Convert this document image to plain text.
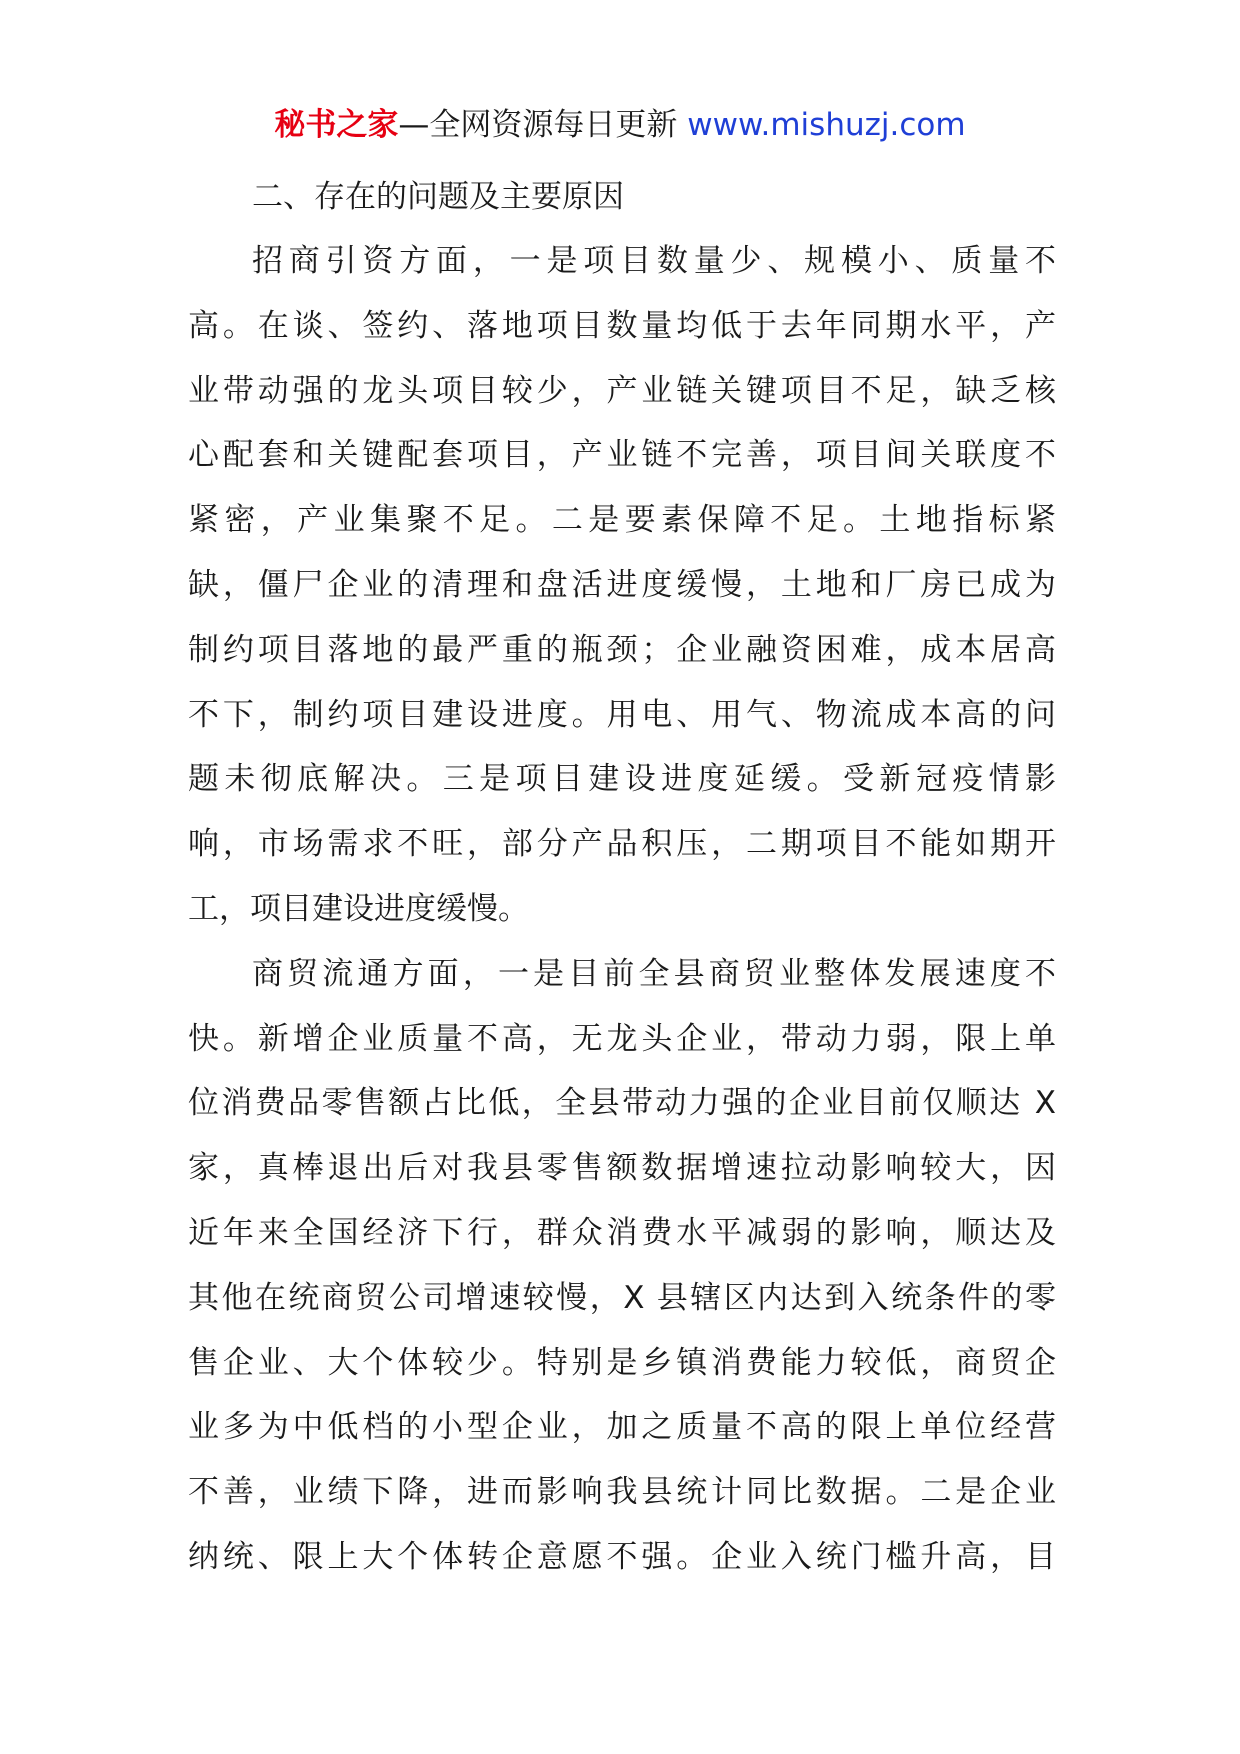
秘书之家—全网资源每日更新 www.mishuzj.com

二、存在的问题及主要原因

招商引资方面，一是项目数量少、规模小、质量不

高。在谈、签约、落地项目数量均低于去年同期水平，产

业带动强的龙头项目较少，产业链关键项目不足，缺乏核

心配套和关键配套项目，产业链不完善，项目间关联度不

紧密，产业集聚不足。二是要素保障不足。土地指标紧

缺，僵尸企业的清理和盘活进度缓慢，土地和厂房已成为

制约项目落地的最严重的瓶颈；企业融资困难，成本居高

不下，制约项目建设进度。用电、用气、物流成本高的问

题未彻底解决。三是项目建设进度延缓。受新冠疫情影

响，市场需求不旺，部分产品积压，二期项目不能如期开

工，项目建设进度缓慢。

商贸流通方面，一是目前全县商贸业整体发展速度不

快。新增企业质量不高，无龙头企业，带动力弱，限上单

位消费品零售额占比低，全县带动力强的企业目前仅顺达 X

家，真棒退出后对我县零售额数据增速拉动影响较大，因

近年来全国经济下行，群众消费水平减弱的影响，顺达及

其他在统商贸公司增速较慢，X 县辖区内达到入统条件的零

售企业、大个体较少。特别是乡镇消费能力较低，商贸企

业多为中低档的小型企业，加之质量不高的限上单位经营

不善，业绩下降，进而影响我县统计同比数据。二是企业

纳统、限上大个体转企意愿不强。企业入统门槛升高，目
